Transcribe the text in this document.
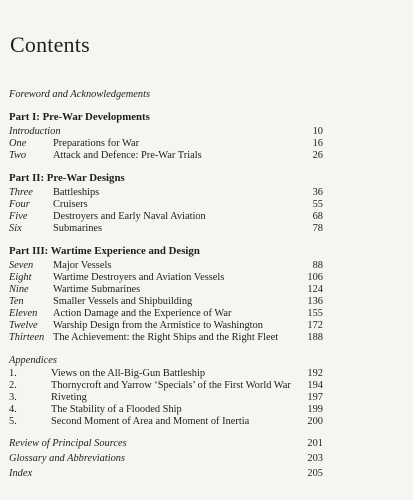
Contents
Foreword and Acknowledgements
Part I: Pre-War Developments
Introduction	10
One	Preparations for War	16
Two	Attack and Defence: Pre-War Trials	26
Part II: Pre-War Designs
Three Battleships	36
Four Cruisers	55
Five Destroyers and Early Naval Aviation	68
Six	Submarines	78
Part III: Wartime Experience and Design
Seven Major Vessels	88
Eight Wartime Destroyers and Aviation Vessels	106
Nine Wartime Submarines	124
Ten	Smaller Vessels and Shipbuilding	136
Eleven Action Damage and the Experience of War	155
Twelve Warship Design from the Armistice to Washington	172
Thirteen The Achievement: the Right Ships and the Right Fleet	188
Appendices
1.	Views on the All-Big-Gun Battleship	192
2.	Thornycroft and Yarrow ‘Specials’ of the First World War	194
3.	Riveting	197
4.	The Stability of a Flooded Ship	199
5.	Second Moment of Area and Moment of Inertia	200
Review of Principal Sources	201
Glossary and Abbreviations	203
Index	205
